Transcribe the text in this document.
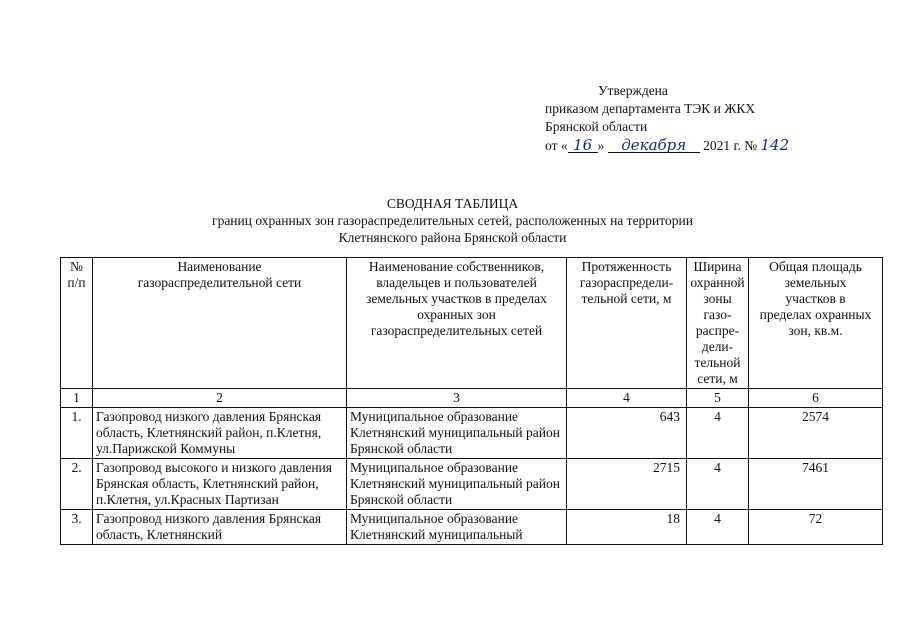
Утверждена
приказом департамента ТЭК и ЖКХ
Брянской области
от « 16 » декабря 2021 г. № 142
СВОДНАЯ ТАБЛИЦА
границ охранных зон газораспределительных сетей, расположенных на территории
Клетнянского района Брянской области
№ п/п	Наименование газораспределительной сети	Наименование собственников, владельцев и пользователей земельных участков в пределах охранных зон газораспределительных сетей	Протяженность газораспредели-тельной сети, м	Ширина охранной зоны газо-распре-дели-тельной сети, м	Общая площадь земельных участков в пределах охранных зон, кв.м.
1	2	3	4	5	6
1.	Газопровод низкого давления Брянская область, Клетнянский район, п.Клетня, ул.Парижской Коммуны	Муниципальное образование Клетнянский муниципальный район Брянской области	643	4	2574
2.	Газопровод высокого и низкого давления Брянская область, Клетнянский район, п.Клетня, ул.Красных Партизан	Муниципальное образование Клетнянский муниципальный район Брянской области	2715	4	7461
3.	Газопровод низкого давления Брянская область, Клетнянский	Муниципальное образование Клетнянский муниципальный	18	4	72
